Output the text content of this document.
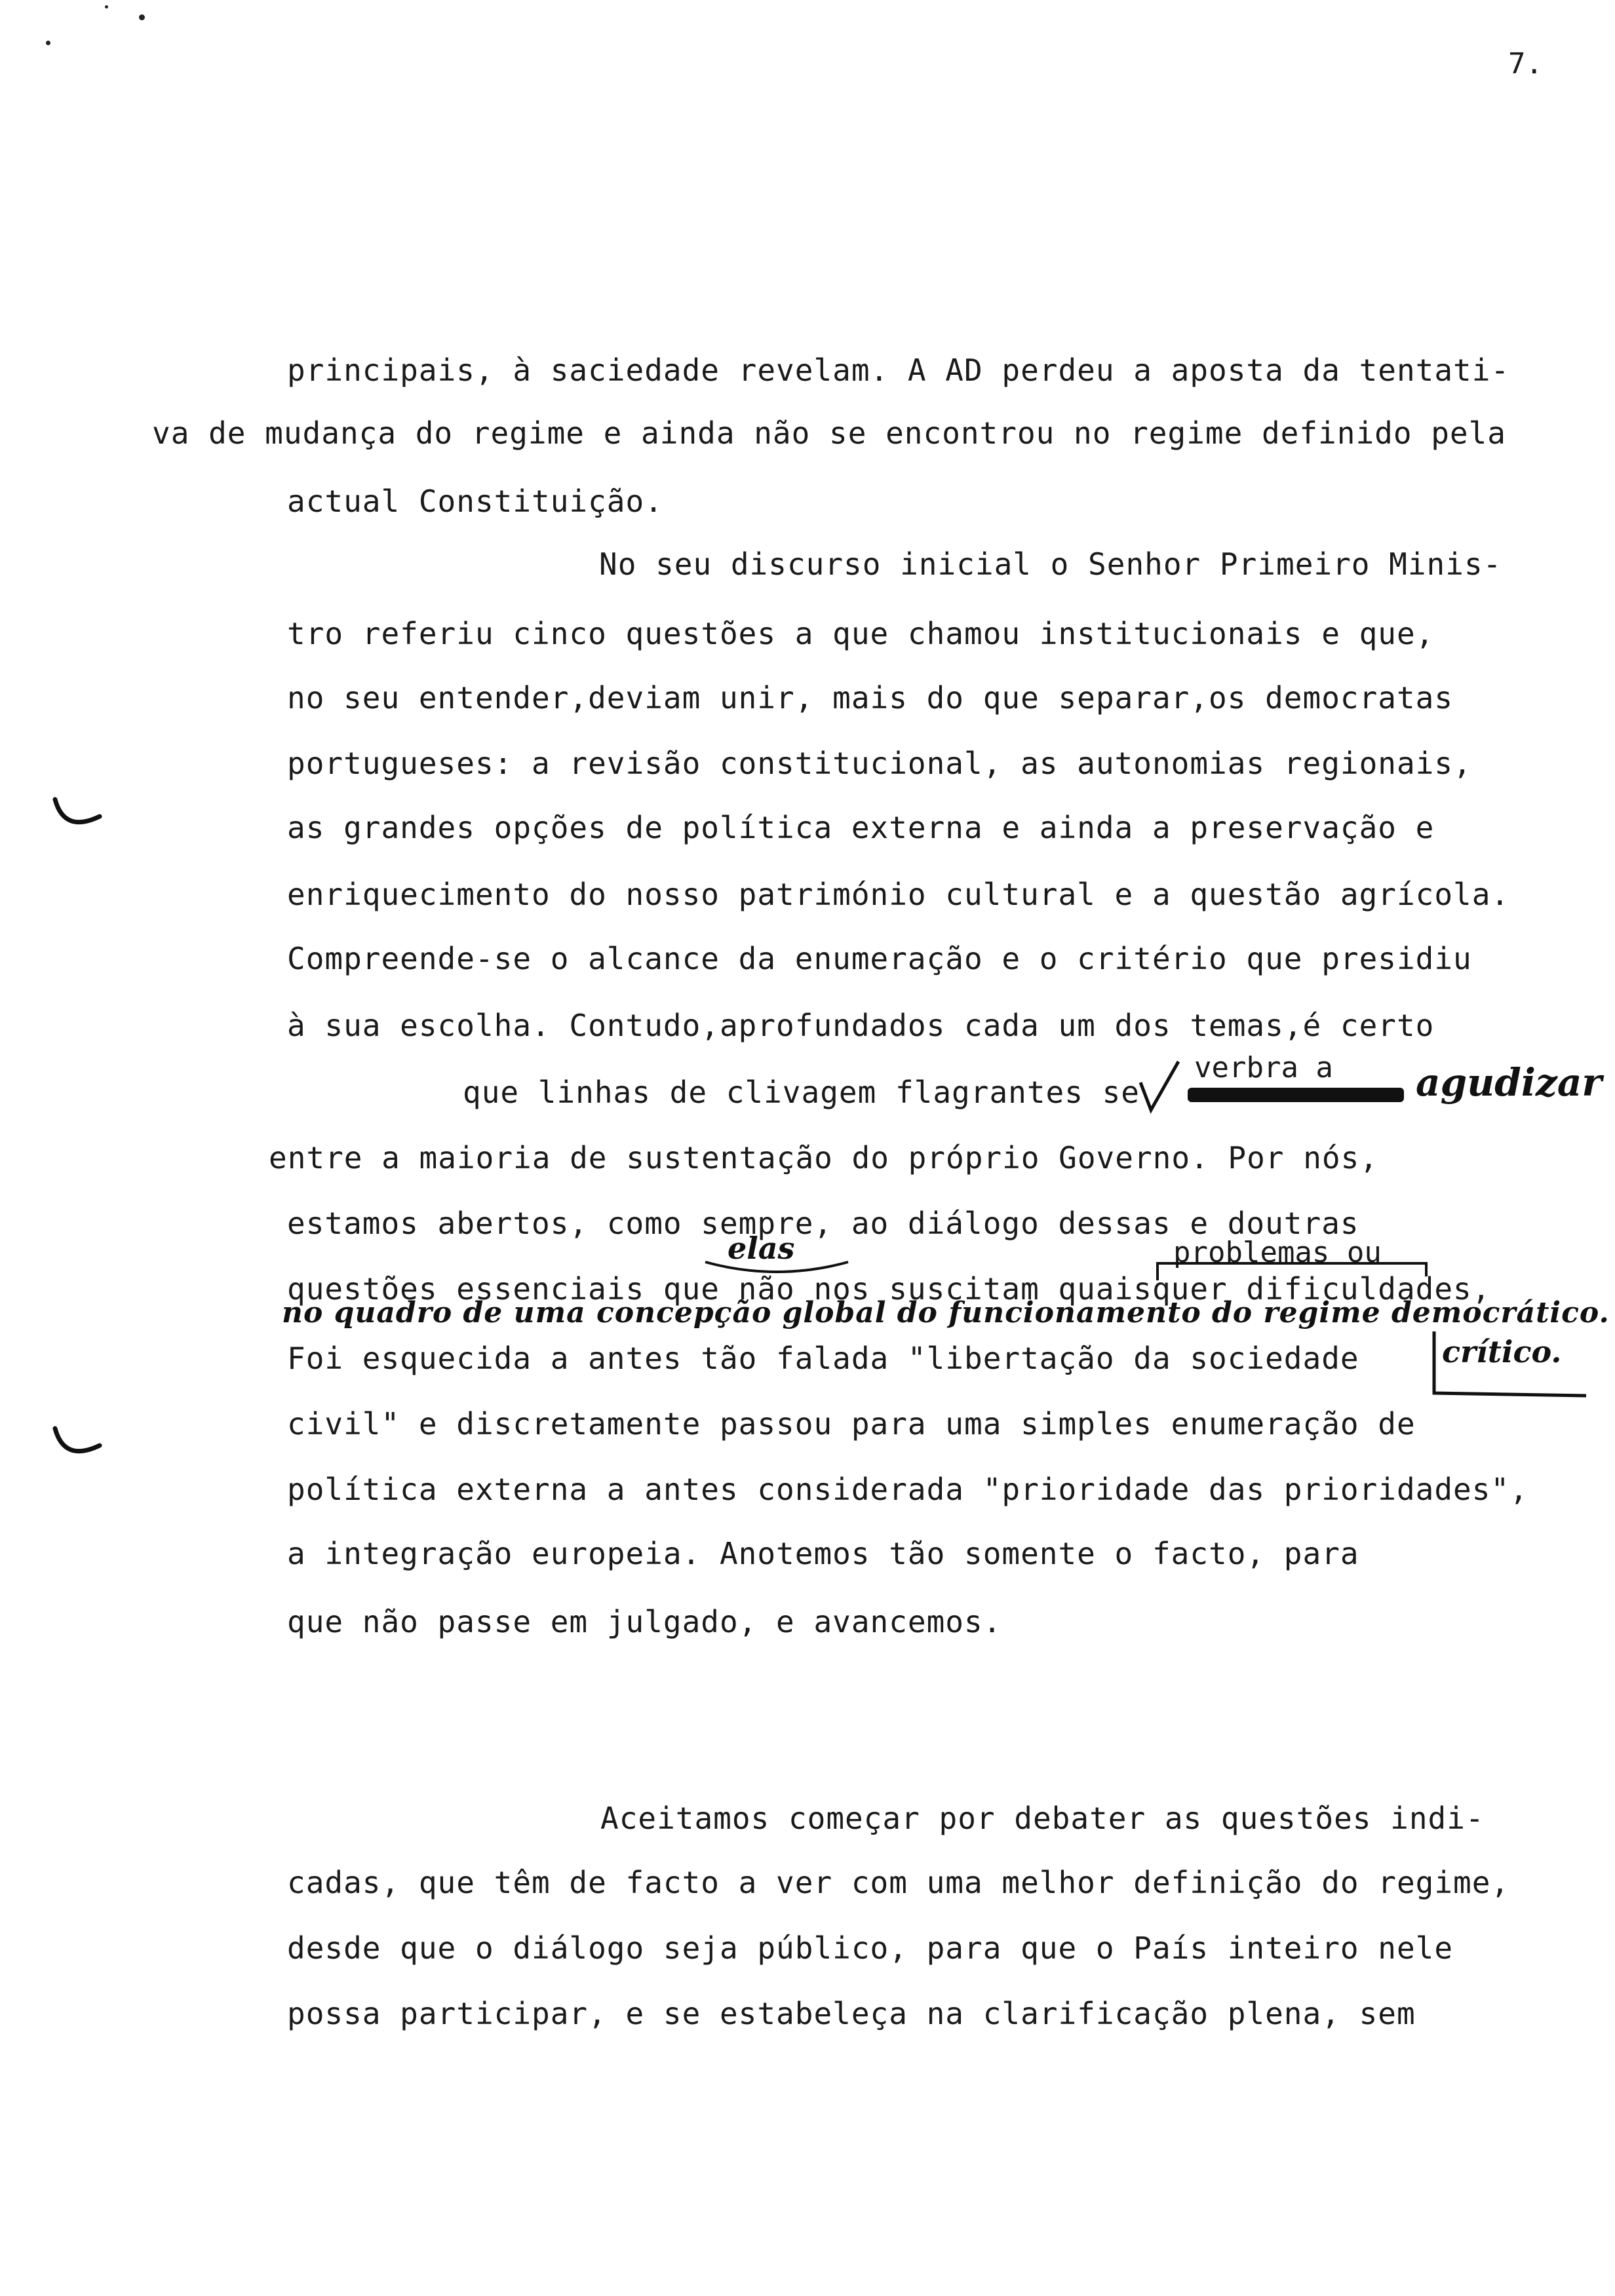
7.
principais, à saciedade revelam. A AD perdeu a aposta da tentati-
va de mudança do regime e ainda não se encontrou no regime definido pela
actual Constituição.
No seu discurso inicial o Senhor Primeiro Minis-
tro referiu cinco questões a que chamou institucionais e que,
no seu entender,deviam unir, mais do que separar,os democratas
portugueses: a revisão constitucional, as autonomias regionais,
as grandes opções de política externa e ainda a preservação e
enriquecimento do nosso património cultural e a questão agrícola.
Compreende-se o alcance da enumeração e o critério que presidiu
à sua escolha. Contudo,aprofundados cada um dos temas,é certo
que linhas de clivagem flagrantes se
entre a maioria de sustentação do próprio Governo. Por nós,
estamos abertos, como sempre, ao diálogo dessas e doutras
questões essenciais que não nos suscitam quaisquer dificuldades,
Foi esquecida a antes tão falada "libertação da sociedade
civil" e discretamente passou para uma simples enumeração de
política externa a antes considerada "prioridade das prioridades",
a integração europeia. Anotemos tão somente o facto, para
que não passe em julgado, e avancemos.
Aceitamos começar por debater as questões indi-
cadas, que têm de facto a ver com uma melhor definição do regime,
desde que o diálogo seja público, para que o País inteiro nele
possa participar, e se estabeleça na clarificação plena, sem
verbra a agudizar
problemas ou
elas
no quadro de uma concepção global do funcionamento do regime democrático.
crítico.
